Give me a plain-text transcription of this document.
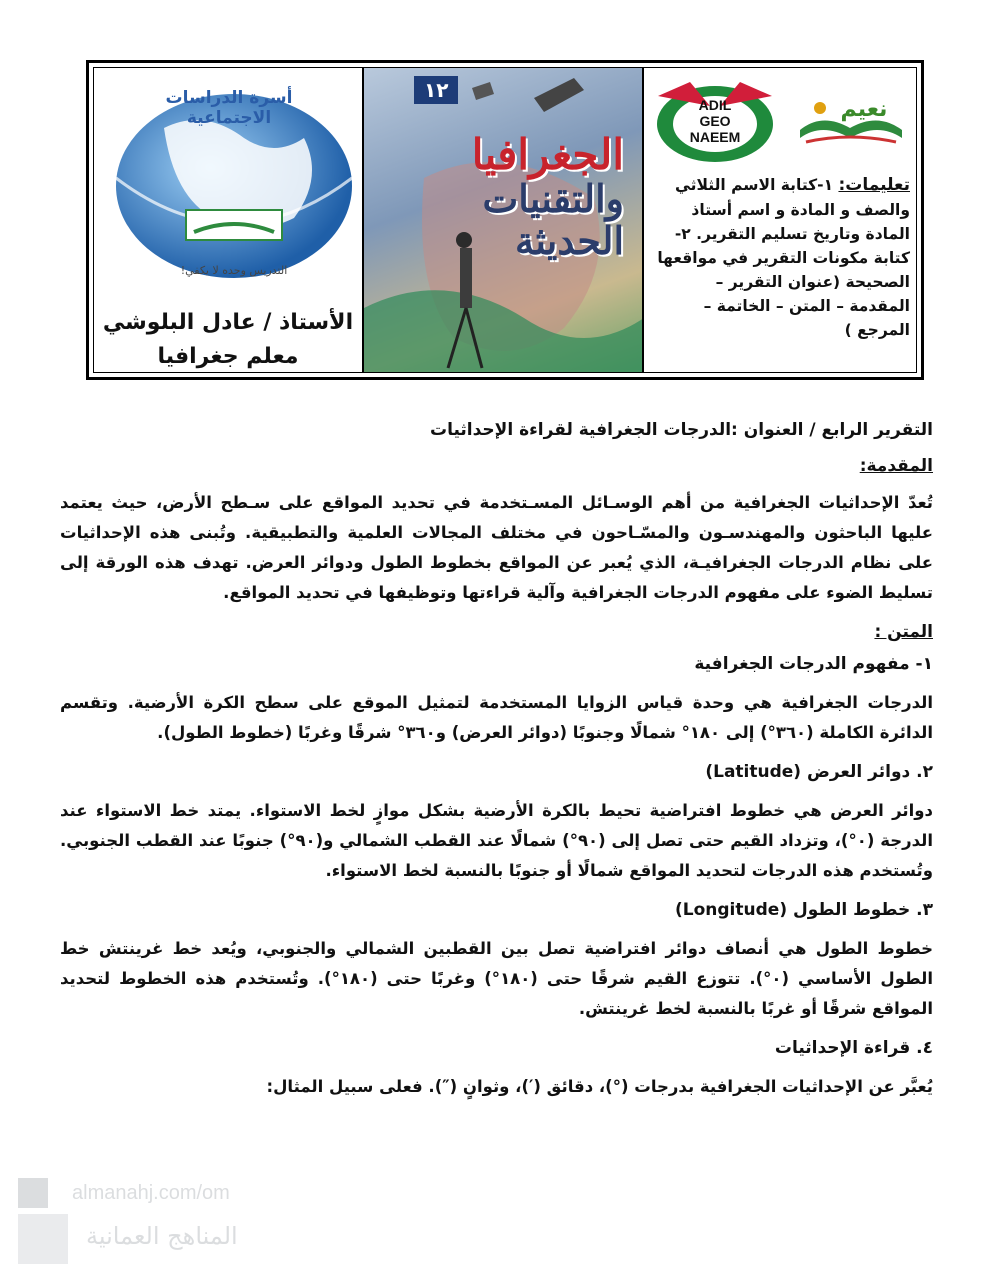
نعيم
ADIL
GEO
NAEEM
تعليمات: ١-كتابة الاسم الثلاثي والصف و المادة و اسم أستاذ المادة وتاريخ تسليم التقرير. ٢- كتابة مكونات التقرير في مواقعها الصحيحة (عنوان التقرير – المقدمة – المتن – الخاتمة – المرجع )
١٢
الجغرافيا
والتقنيات
الحديثة
أسرة الدراسات الاجتماعية
التدريس وحده لا يكفي!
الأستاذ / عادل البلوشي
معلم جغرافيا

التقرير الرابع / العنوان :الدرجات الجغرافية لقراءة الإحداثيات

المقدمة:

تُعدّ الإحداثيات الجغرافية من أهم الوسـائل المسـتخدمة في تحديد المواقع على سـطح الأرض، حيث يعتمد عليها الباحثون والمهندسـون والمسّـاحون في مختلف المجالات العلمية والتطبيقية. وتُبنى هذه الإحداثيات على نظام الدرجات الجغرافيـة، الذي يُعبر عن المواقع بخطوط الطول ودوائر العرض. تهدف هذه الورقة إلى تسليط الضوء على مفهوم الدرجات الجغرافية وآلية قراءتها وتوظيفها في تحديد المواقع.

المتن :

١- مفهوم الدرجات الجغرافية

الدرجات الجغرافية هي وحدة قياس الزوايا المستخدمة لتمثيل الموقع على سطح الكرة الأرضية. وتقسم الدائرة الكاملة (٣٦٠°) إلى ١٨٠° شمالًا وجنوبًا (دوائر العرض) و٣٦٠° شرقًا وغربًا (خطوط الطول).

٢. دوائر العرض (Latitude)

دوائر العرض هي خطوط افتراضية تحيط بالكرة الأرضية بشكل موازٍ لخط الاستواء. يمتد خط الاستواء عند الدرجة (٠°)، وتزداد القيم حتى تصل إلى (٩٠°) شمالًا عند القطب الشمالي و(٩٠°) جنوبًا عند القطب الجنوبي. وتُستخدم هذه الدرجات لتحديد المواقع شمالًا أو جنوبًا بالنسبة لخط الاستواء.

٣. خطوط الطول (Longitude)

خطوط الطول هي أنصاف دوائر افتراضية تصل بين القطبين الشمالي والجنوبي، ويُعد خط غرينتش خط الطول الأساسي (٠°). تتوزع القيم شرقًا حتى (١٨٠°) وغربًا حتى (١٨٠°). وتُستخدم هذه الخطوط لتحديد المواقع شرقًا أو غربًا بالنسبة لخط غرينتش.

٤. قراءة الإحداثيات

يُعبَّر عن الإحداثيات الجغرافية بدرجات (°)، دقائق (′)، وثوانٍ (″). فعلى سبيل المثال:

almanahj.com/om
المناهج العمانية
